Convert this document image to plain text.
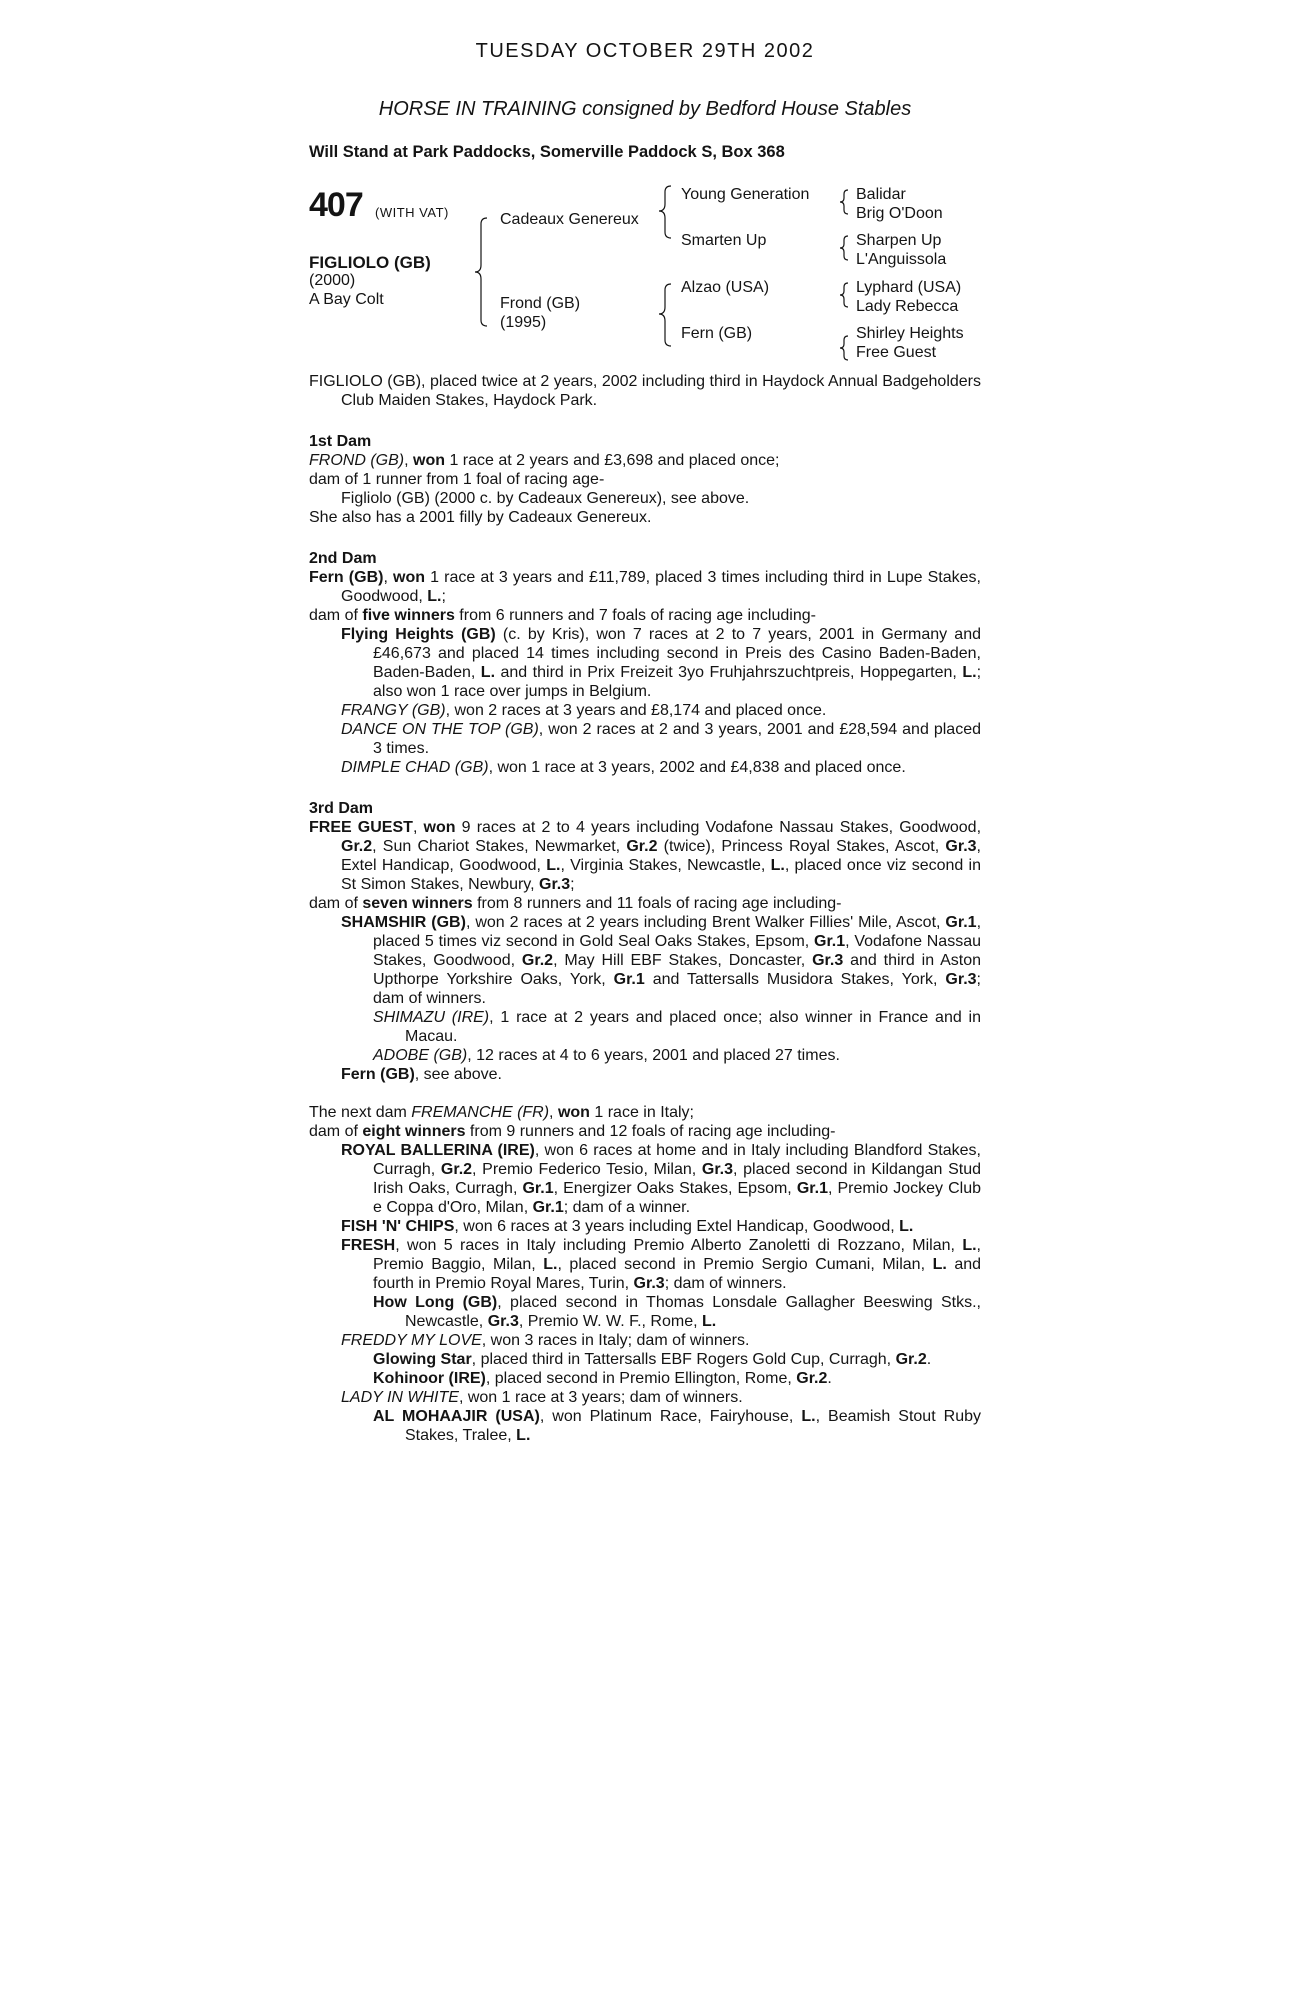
TUESDAY OCTOBER 29TH 2002
HORSE IN TRAINING consigned by Bedford House Stables
Will Stand at Park Paddocks, Somerville Paddock S, Box 368
407 (WITH VAT)
FIGLIOLO (GB)
(2000)
A Bay Colt
Cadeaux Genereux
Frond (GB)
(1995)
Young Generation
Smarten Up
Alzao (USA)
Fern (GB)
Balidar
Brig O'Doon
Sharpen Up
L'Anguissola
Lyphard (USA)
Lady Rebecca
Shirley Heights
Free Guest
FIGLIOLO (GB), placed twice at 2 years, 2002 including third in Haydock Annual Badgeholders Club Maiden Stakes, Haydock Park.
1st Dam
FROND (GB), won 1 race at 2 years and £3,698 and placed once;
dam of 1 runner from 1 foal of racing age-
Figliolo (GB) (2000 c. by Cadeaux Genereux), see above.
She also has a 2001 filly by Cadeaux Genereux.
2nd Dam
Fern (GB), won 1 race at 3 years and £11,789, placed 3 times including third in Lupe Stakes, Goodwood, L.;
dam of five winners from 6 runners and 7 foals of racing age including-
Flying Heights (GB) (c. by Kris), won 7 races at 2 to 7 years, 2001 in Germany and £46,673 and placed 14 times including second in Preis des Casino Baden-Baden, Baden-Baden, L. and third in Prix Freizeit 3yo Fruhjahrszuchtpreis, Hoppegarten, L.; also won 1 race over jumps in Belgium.
FRANGY (GB), won 2 races at 3 years and £8,174 and placed once.
DANCE ON THE TOP (GB), won 2 races at 2 and 3 years, 2001 and £28,594 and placed 3 times.
DIMPLE CHAD (GB), won 1 race at 3 years, 2002 and £4,838 and placed once.
3rd Dam
FREE GUEST, won 9 races at 2 to 4 years including Vodafone Nassau Stakes, Goodwood, Gr.2, Sun Chariot Stakes, Newmarket, Gr.2 (twice), Princess Royal Stakes, Ascot, Gr.3, Extel Handicap, Goodwood, L., Virginia Stakes, Newcastle, L., placed once viz second in St Simon Stakes, Newbury, Gr.3;
dam of seven winners from 8 runners and 11 foals of racing age including-
SHAMSHIR (GB), won 2 races at 2 years including Brent Walker Fillies' Mile, Ascot, Gr.1, placed 5 times viz second in Gold Seal Oaks Stakes, Epsom, Gr.1, Vodafone Nassau Stakes, Goodwood, Gr.2, May Hill EBF Stakes, Doncaster, Gr.3 and third in Aston Upthorpe Yorkshire Oaks, York, Gr.1 and Tattersalls Musidora Stakes, York, Gr.3; dam of winners.
SHIMAZU (IRE), 1 race at 2 years and placed once; also winner in France and in Macau.
ADOBE (GB), 12 races at 4 to 6 years, 2001 and placed 27 times.
Fern (GB), see above.
The next dam FREMANCHE (FR), won 1 race in Italy;
dam of eight winners from 9 runners and 12 foals of racing age including-
ROYAL BALLERINA (IRE), won 6 races at home and in Italy including Blandford Stakes, Curragh, Gr.2, Premio Federico Tesio, Milan, Gr.3, placed second in Kildangan Stud Irish Oaks, Curragh, Gr.1, Energizer Oaks Stakes, Epsom, Gr.1, Premio Jockey Club e Coppa d'Oro, Milan, Gr.1; dam of a winner.
FISH 'N' CHIPS, won 6 races at 3 years including Extel Handicap, Goodwood, L.
FRESH, won 5 races in Italy including Premio Alberto Zanoletti di Rozzano, Milan, L., Premio Baggio, Milan, L., placed second in Premio Sergio Cumani, Milan, L. and fourth in Premio Royal Mares, Turin, Gr.3; dam of winners.
How Long (GB), placed second in Thomas Lonsdale Gallagher Beeswing Stks., Newcastle, Gr.3, Premio W. W. F., Rome, L.
FREDDY MY LOVE, won 3 races in Italy; dam of winners.
Glowing Star, placed third in Tattersalls EBF Rogers Gold Cup, Curragh, Gr.2.
Kohinoor (IRE), placed second in Premio Ellington, Rome, Gr.2.
LADY IN WHITE, won 1 race at 3 years; dam of winners.
AL MOHAAJIR (USA), won Platinum Race, Fairyhouse, L., Beamish Stout Ruby Stakes, Tralee, L.
